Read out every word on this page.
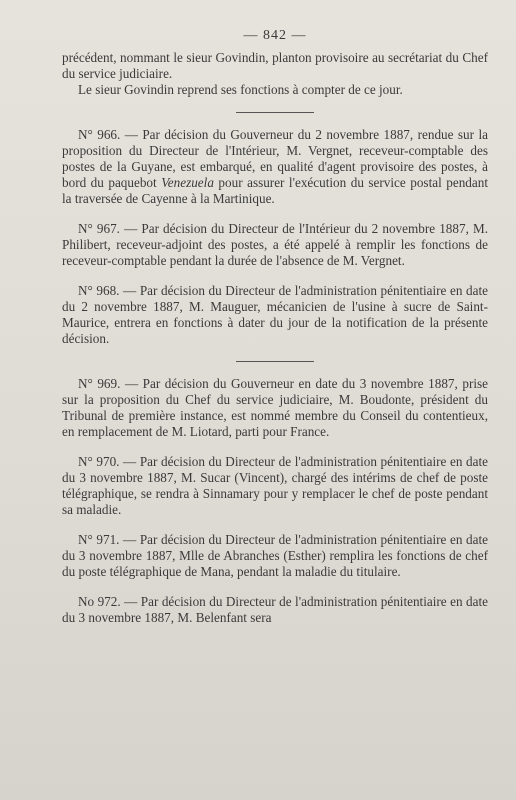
— 842 —

précédent, nommant le sieur Govindin, planton provisoire au secrétariat du Chef du service judiciaire.

Le sieur Govindin reprend ses fonctions à compter de ce jour.

N° 966. — Par décision du Gouverneur du 2 novembre 1887, rendue sur la proposition du Directeur de l'Intérieur, M. Vergnet, receveur-comptable des postes de la Guyane, est embarqué, en qualité d'agent provisoire des postes, à bord du paquebot Venezuela pour assurer l'exécution du service postal pendant la traversée de Cayenne à la Martinique.

N° 967. — Par décision du Directeur de l'Intérieur du 2 novembre 1887, M. Philibert, receveur-adjoint des postes, a été appelé à remplir les fonctions de receveur-comptable pendant la durée de l'absence de M. Vergnet.

N° 968. — Par décision du Directeur de l'administration pénitentiaire en date du 2 novembre 1887, M. Mauguer, mécanicien de l'usine à sucre de Saint-Maurice, entrera en fonctions à dater du jour de la notification de la présente décision.

N° 969. — Par décision du Gouverneur en date du 3 novembre 1887, prise sur la proposition du Chef du service judiciaire, M. Boudonte, président du Tribunal de première instance, est nommé membre du Conseil du contentieux, en remplacement de M. Liotard, parti pour France.

N° 970. — Par décision du Directeur de l'administration pénitentiaire en date du 3 novembre 1887, M. Sucar (Vincent), chargé des intérims de chef de poste télégraphique, se rendra à Sinnamary pour y remplacer le chef de poste pendant sa maladie.

N° 971. — Par décision du Directeur de l'administration pénitentiaire en date du 3 novembre 1887, Mlle de Abranches (Esther) remplira les fonctions de chef du poste télégraphique de Mana, pendant la maladie du titulaire.

No 972. — Par décision du Directeur de l'administration pénitentiaire en date du 3 novembre 1887, M. Belenfant sera
